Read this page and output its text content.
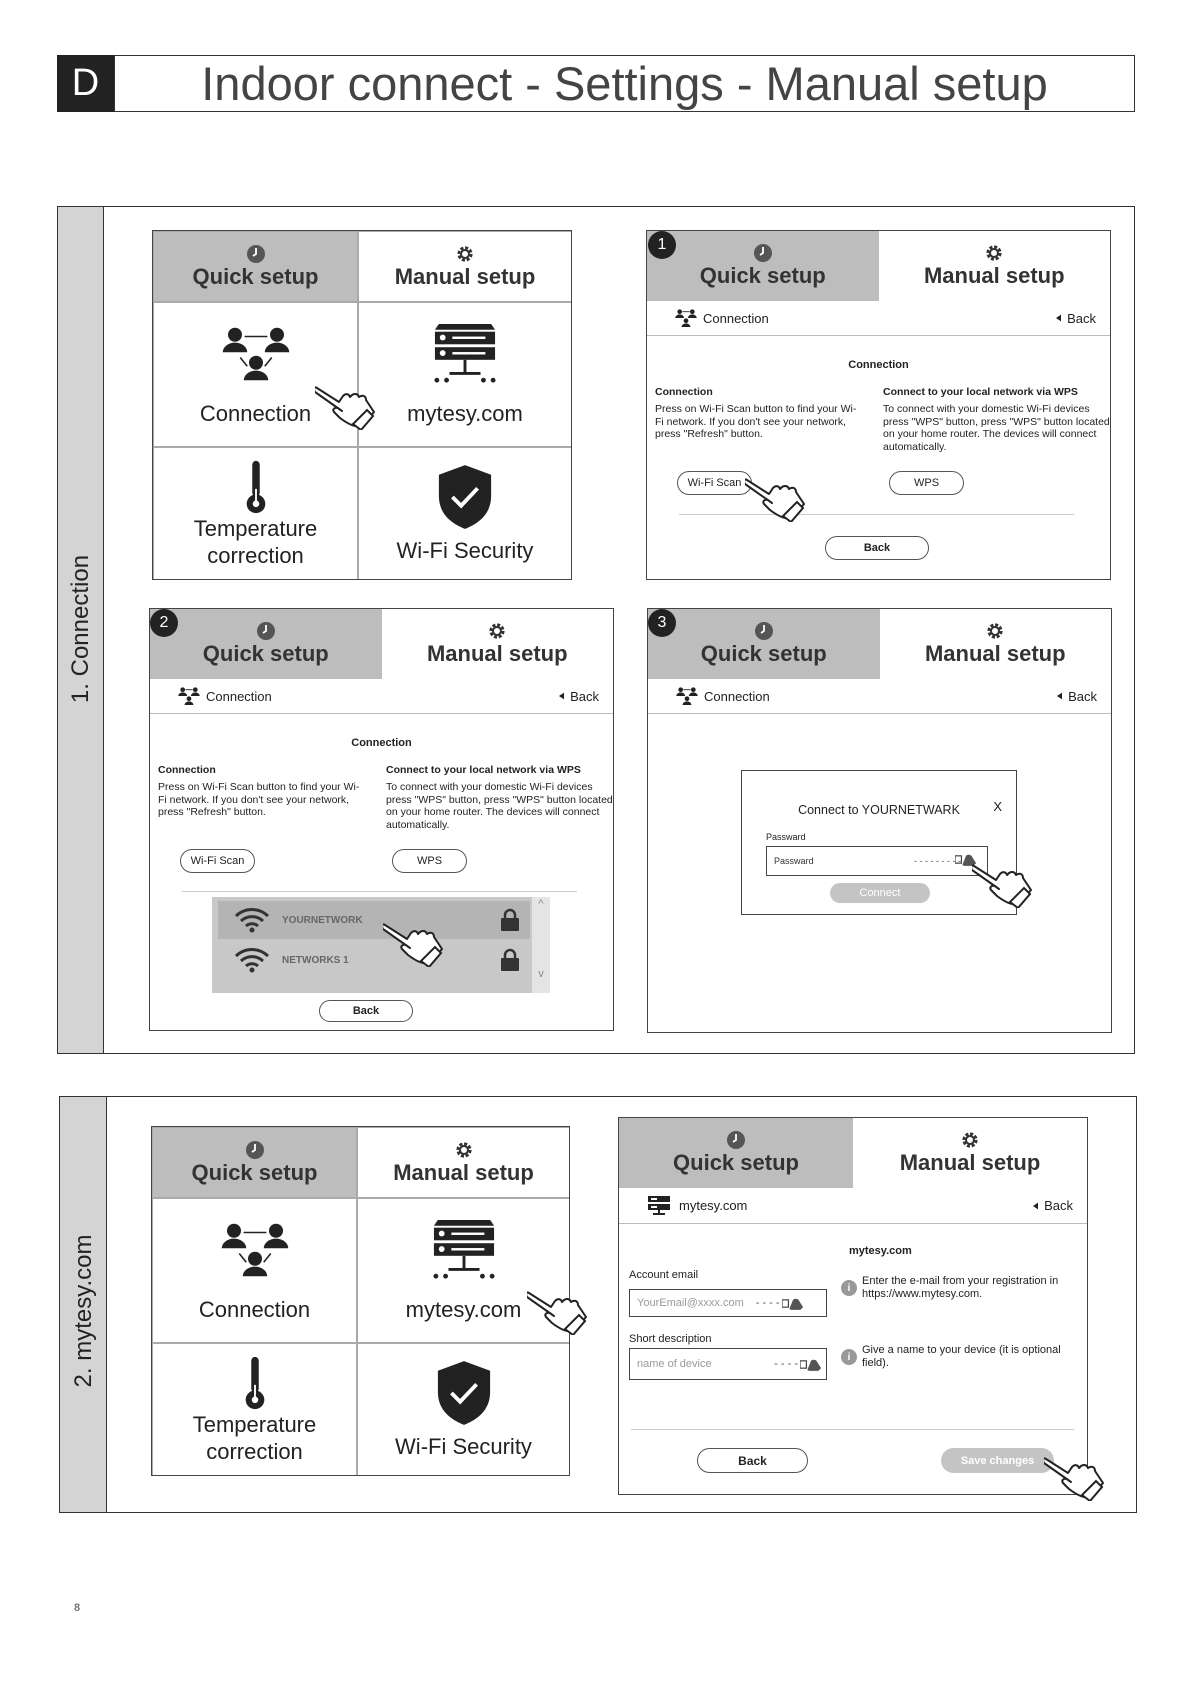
D	Indoor connect - Settings - Manual setup
1. Connection
Quick setup	Manual setup
Connection	mytesy.com
Temperature
correction	Wi-Fi Security
Quick setup	Manual setup
Connection	Back
Connection
Connection
Press on Wi-Fi Scan button to find your Wi-Fi network. If you don't see your network, press "Refresh" button.
Connect to your local network via WPS
To connect with your domestic Wi-Fi devices press "WPS" button, press "WPS" button located on your home router. The devices will connect automatically.
Wi-Fi Scan	WPS
Back
1
Quick setup	Manual setup
Connection	Back
Connection
Connection
Press on Wi-Fi Scan button to find your Wi-Fi network. If you don't see your network, press "Refresh" button.
Connect to your local network via WPS
To connect with your domestic Wi-Fi devices press "WPS" button, press "WPS" button located on your home router. The devices will connect automatically.
Wi-Fi Scan	WPS
YOURNETWORK
NETWORKS 1
^

v
Back
2
Quick setup	Manual setup
Connection	Back
Connect to YOURNETWARK	X
Passward
Passward	- - - - - - - - -
Connect
3
2. mytesy.com
Quick setup	Manual setup
Connection	mytesy.com
Temperature
correction	Wi-Fi Security
Quick setup	Manual setup
mytesy.com	Back
mytesy.com
Account email
YourEmail@xxxx.com - - - -
i
Enter the e-mail from your registration in https://www.mytesy.com.
Short description
name of device	- - - -
i
Give a name to your device (it is optional field).
Back	Save changes
8
